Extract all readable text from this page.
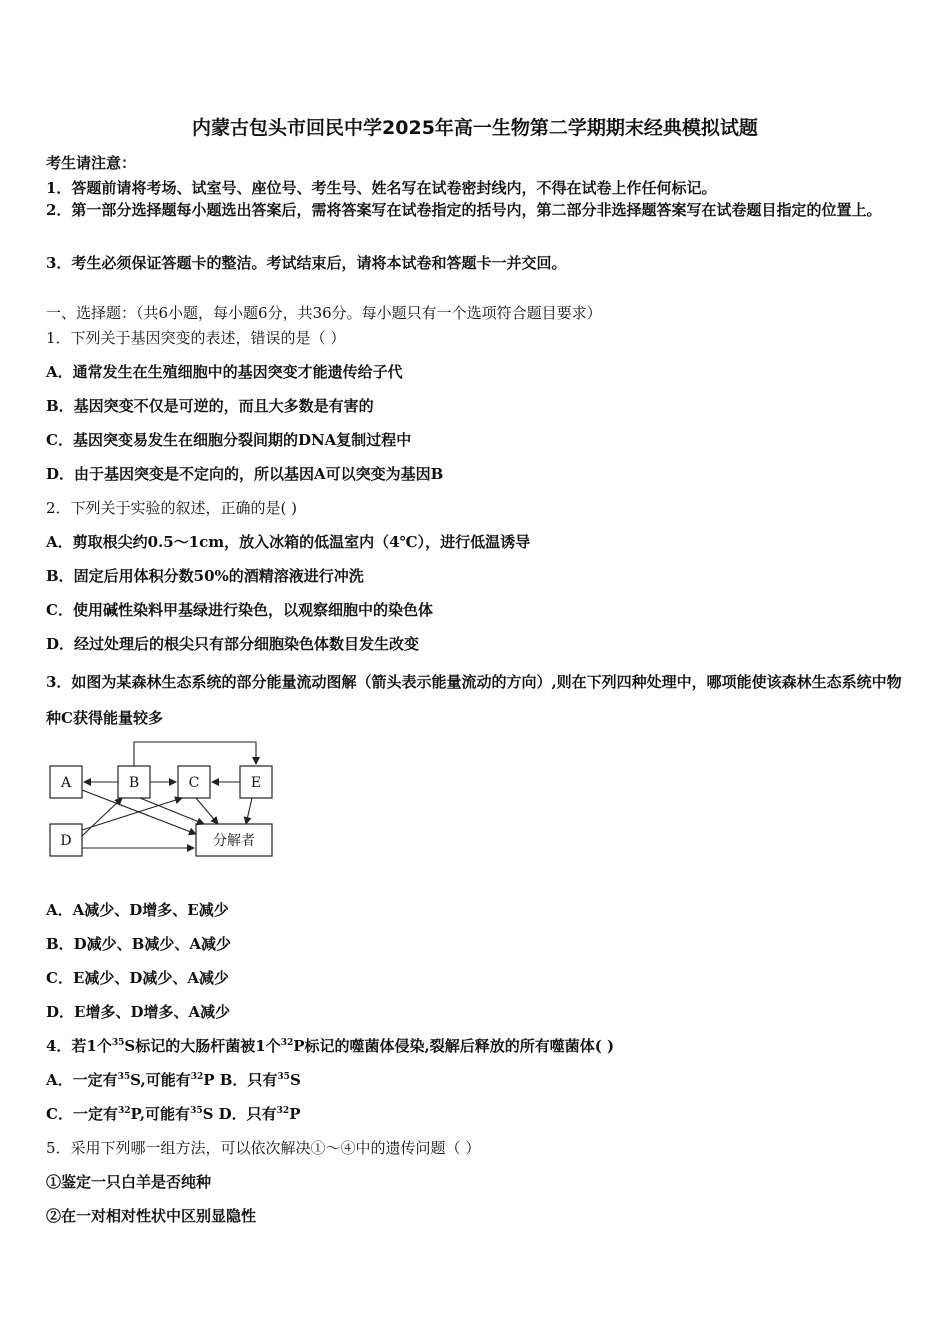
内蒙古包头市回民中学2025年高一生物第二学期期末经典模拟试题
考生请注意：
1．答题前请将考场、试室号、座位号、考生号、姓名写在试卷密封线内，不得在试卷上作任何标记。
2．第一部分选择题每小题选出答案后，需将答案写在试卷指定的括号内，第二部分非选择题答案写在试卷题目指定的位置上。
3．考生必须保证答题卡的整洁。考试结束后，请将本试卷和答题卡一并交回。
一、选择题：（共6小题，每小题6分，共36分。每小题只有一个选项符合题目要求）
1．下列关于基因突变的表述，错误的是（ ）
A．通常发生在生殖细胞中的基因突变才能遗传给子代
B．基因突变不仅是可逆的，而且大多数是有害的
C．基因突变易发生在细胞分裂间期的DNA复制过程中
D．由于基因突变是不定向的，所以基因A可以突变为基因B
2．下列关于实验的叙述，正确的是( )
A．剪取根尖约0.5～1cm，放入冰箱的低温室内（4℃），进行低温诱导
B．固定后用体积分数50%的酒精溶液进行冲洗
C．使用碱性染料甲基绿进行染色，以观察细胞中的染色体
D．经过处理后的根尖只有部分细胞染色体数目发生改变
3．如图为某森林生态系统的部分能量流动图解（箭头表示能量流动的方向）,则在下列四种处理中，哪项能使该森林生态系统中物种C获得能量较多
A	B	C	E
D	分解者
A．A减少、D增多、E减少
B．D减少、B减少、A减少
C．E减少、D减少、A减少
D．E增多、D增多、A减少
4．若1个$^{35}$S标记的大肠杆菌被1个$^{32}$P标记的噬菌体侵染,裂解后释放的所有噬菌体( )
A．一定有$^{35}$S,可能有$^{32}$P B．只有$^{35}$S
C．一定有$^{32}$P,可能有$^{35}$S D．只有$^{32}$P
5．采用下列哪一组方法，可以依次解决①～④中的遗传问题（ ）
①鉴定一只白羊是否纯种
②在一对相对性状中区别显隐性
